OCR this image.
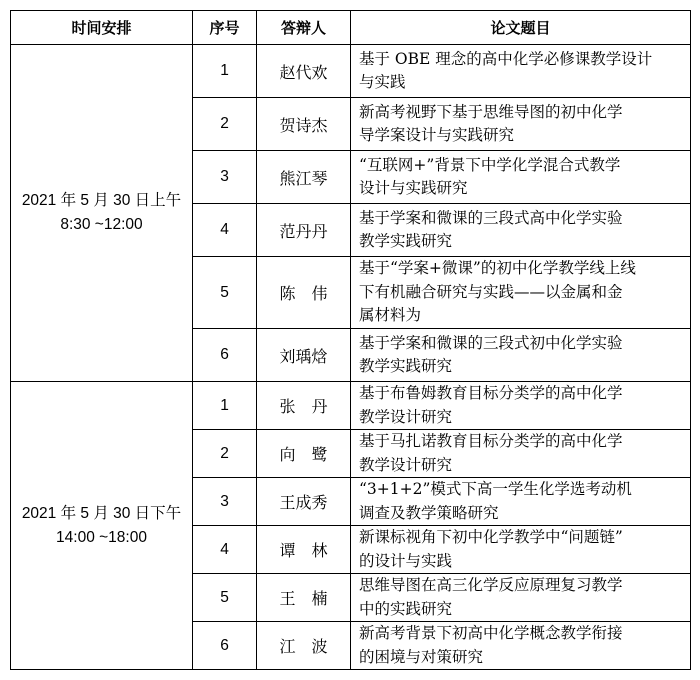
时间安排	序号	答辩人	论文题目

2021 年 5 月 30 日上午
8:30 ~12:00	1	赵代欢	基于 OBE 理念的高中化学必修课教学设计
与实践

	2	贺诗杰	新高考视野下基于思维导图的初中化学
导学案设计与实践研究

	3	熊江琴	“互联网+”背景下中学化学混合式教学
设计与实践研究

	4	范丹丹	基于学案和微课的三段式高中化学实验
教学实践研究

	5	陈　伟	基于“学案+微课”的初中化学教学线上线
下有机融合研究与实践——以金属和金
属材料为

	6	刘瑀焓	基于学案和微课的三段式初中化学实验
教学实践研究

2021 年 5 月 30 日下午
14:00 ~18:00	1	张　丹	基于布鲁姆教育目标分类学的高中化学
教学设计研究

	2	向　鹭	基于马扎诺教育目标分类学的高中化学
教学设计研究

	3	王成秀	“3+1+2”模式下高一学生化学选考动机
调查及教学策略研究

	4	谭　林	新课标视角下初中化学教学中“问题链”
的设计与实践

	5	王　楠	思维导图在高三化学反应原理复习教学
中的实践研究

	6	江　波	新高考背景下初高中化学概念教学衔接
的困境与对策研究
